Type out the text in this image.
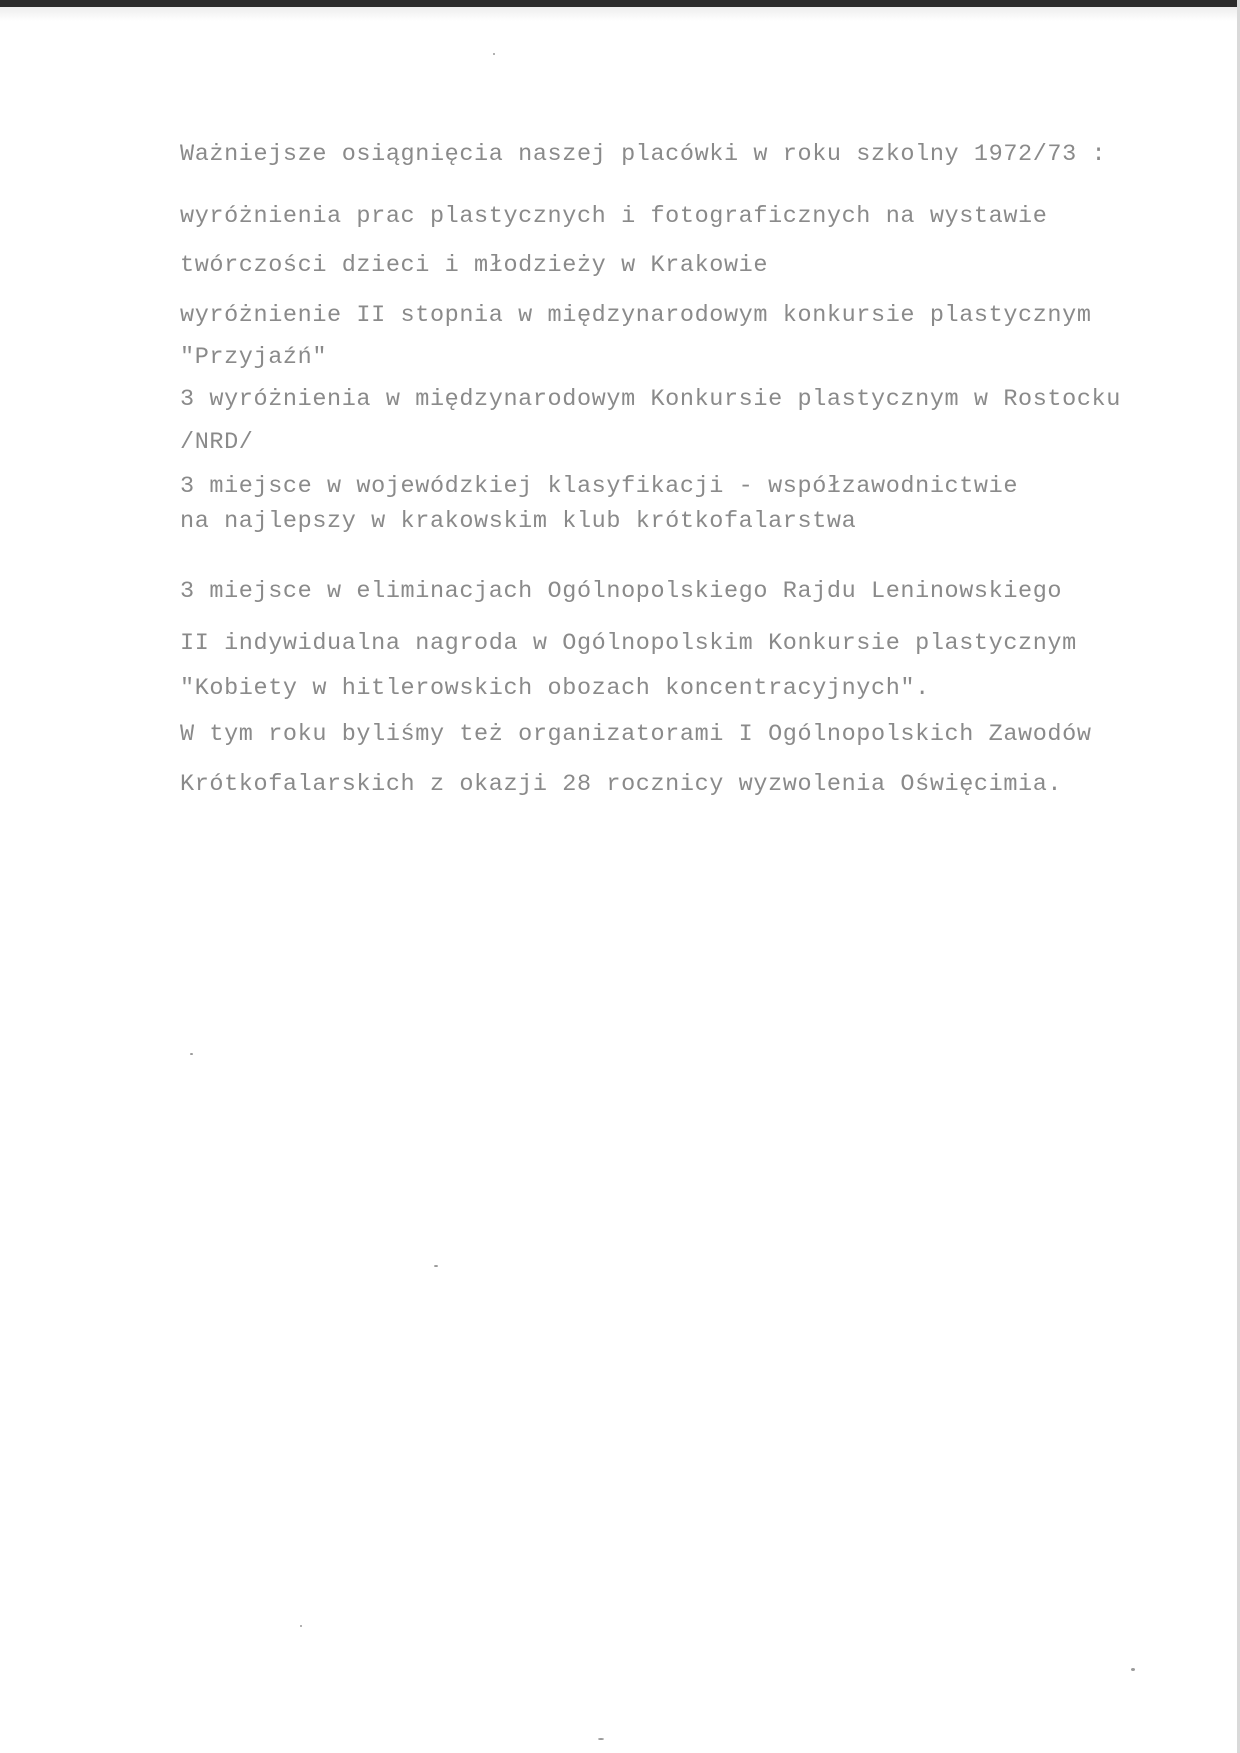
Ważniejsze osiągnięcia naszej placówki w roku szkolny 1972/73 :
wyróżnienia prac plastycznych i fotograficznych na wystawie
twórczości dzieci i młodzieży w Krakowie
wyróżnienie II stopnia w międzynarodowym konkursie plastycznym
"Przyjaźń"
3 wyróżnienia w międzynarodowym Konkursie plastycznym w Rostocku
/NRD/
3 miejsce w wojewódzkiej klasyfikacji - współzawodnictwie
na najlepszy w krakowskim klub krótkofalarstwa
3 miejsce w eliminacjach Ogólnopolskiego Rajdu Leninowskiego
II indywidualna nagroda w Ogólnopolskim Konkursie plastycznym
"Kobiety w hitlerowskich obozach koncentracyjnych".
W tym roku byliśmy też organizatorami I Ogólnopolskich Zawodów
Krótkofalarskich z okazji 28 rocznicy wyzwolenia Oświęcimia.
